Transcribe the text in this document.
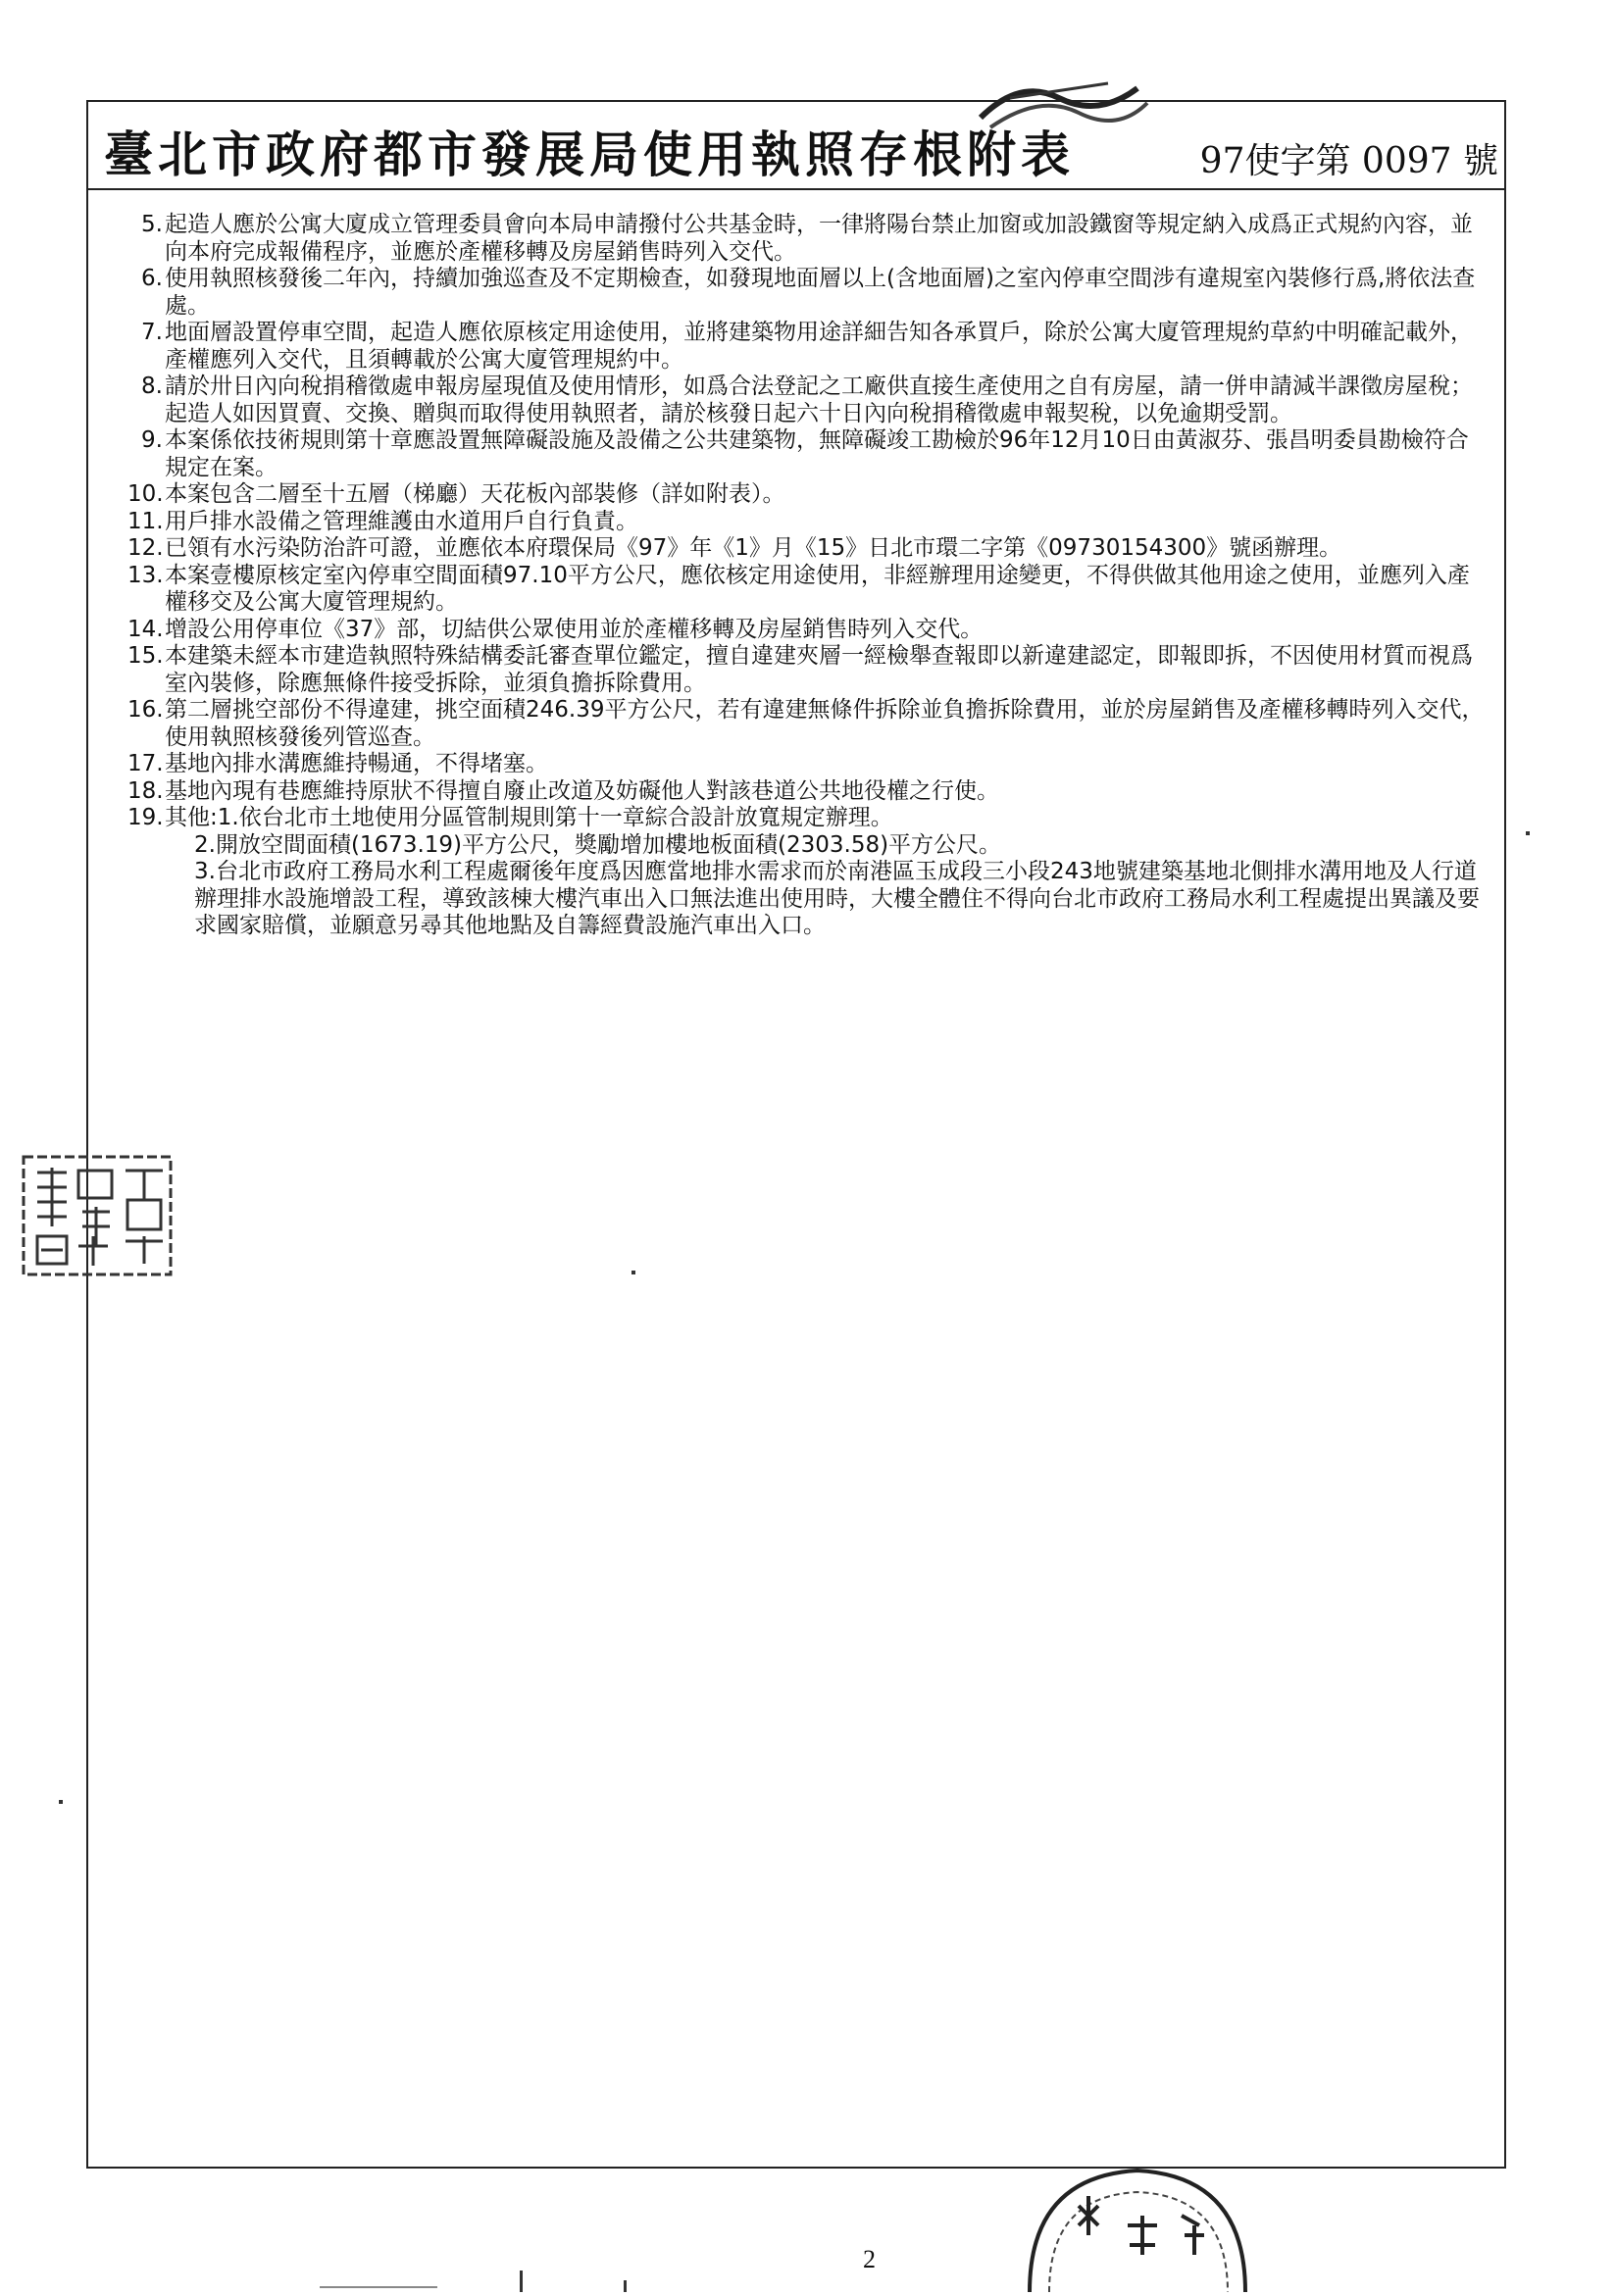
臺北市政府都市發展局使用執照存根附表	97使字第 0097 號
5. 起造人應於公寓大廈成立管理委員會向本局申請撥付公共基金時，一律將陽台禁止加窗或加設鐵窗等規定納入成爲正式規約內容，並向本府完成報備程序，並應於產權移轉及房屋銷售時列入交代。
6. 使用執照核發後二年內，持續加強巡查及不定期檢查，如發現地面層以上(含地面層)之室內停車空間涉有違規室內裝修行爲,將依法查處。
7. 地面層設置停車空間，起造人應依原核定用途使用，並將建築物用途詳細告知各承買戶，除於公寓大廈管理規約草約中明確記載外，產權應列入交代，且須轉載於公寓大廈管理規約中。
8. 請於卅日內向稅捐稽徵處申報房屋現值及使用情形，如爲合法登記之工廠供直接生產使用之自有房屋，請一併申請減半課徵房屋稅；起造人如因買賣、交換、贈與而取得使用執照者，請於核發日起六十日內向稅捐稽徵處申報契稅，以免逾期受罰。
9. 本案係依技術規則第十章應設置無障礙設施及設備之公共建築物，無障礙竣工勘檢於96年12月10日由黃淑芬、張昌明委員勘檢符合規定在案。
10. 本案包含二層至十五層（梯廳）天花板內部裝修（詳如附表）。
11. 用戶排水設備之管理維護由水道用戶自行負責。
12. 已領有水污染防治許可證，並應依本府環保局《97》年《1》月《15》日北市環二字第《09730154300》號函辦理。
13. 本案壹樓原核定室內停車空間面積97.10平方公尺，應依核定用途使用，非經辦理用途變更，不得供做其他用途之使用，並應列入產權移交及公寓大廈管理規約。
14. 增設公用停車位《37》部，切結供公眾使用並於產權移轉及房屋銷售時列入交代。
15. 本建築未經本市建造執照特殊結構委託審查單位鑑定，擅自違建夾層一經檢舉查報即以新違建認定，即報即拆，不因使用材質而視爲室內裝修，除應無條件接受拆除，並須負擔拆除費用。
16. 第二層挑空部份不得違建，挑空面積246.39平方公尺，若有違建無條件拆除並負擔拆除費用，並於房屋銷售及產權移轉時列入交代，使用執照核發後列管巡查。
17. 基地內排水溝應維持暢通，不得堵塞。
18. 基地內現有巷應維持原狀不得擅自廢止改道及妨礙他人對該巷道公共地役權之行使。
19. 其他:1.依台北市土地使用分區管制規則第十一章綜合設計放寬規定辦理。
2.開放空間面積(1673.19)平方公尺，獎勵增加樓地板面積(2303.58)平方公尺。
3.台北市政府工務局水利工程處爾後年度爲因應當地排水需求而於南港區玉成段三小段243地號建築基地北側排水溝用地及人行道辦理排水設施增設工程，導致該棟大樓汽車出入口無法進出使用時，大樓全體住不得向台北市政府工務局水利工程處提出異議及要求國家賠償，並願意另尋其他地點及自籌經費設施汽車出入口。
2
